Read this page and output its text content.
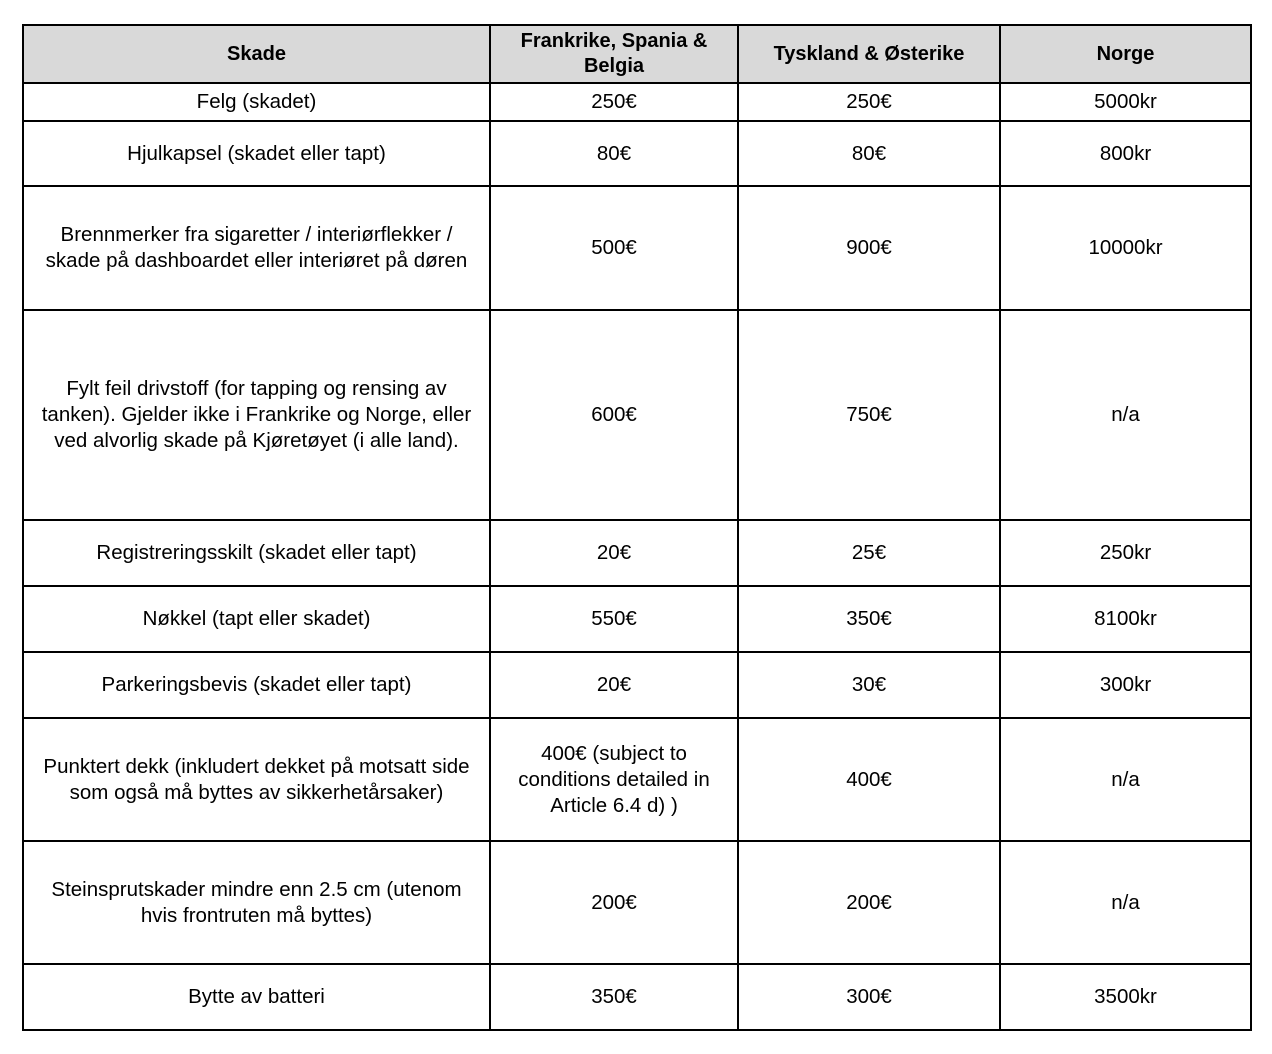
Skade	Frankrike, Spania & Belgia	Tyskland & Østerike	Norge
Felg (skadet)	250€	250€	5000kr
Hjulkapsel (skadet eller tapt)	80€	80€	800kr
Brennmerker fra sigaretter / interiørflekker / skade på dashboardet eller interiøret på døren	500€	900€	10000kr
Fylt feil drivstoff (for tapping og rensing av tanken). Gjelder ikke i Frankrike og Norge, eller ved alvorlig skade på Kjøretøyet (i alle land).	600€	750€	n/a
Registreringsskilt (skadet eller tapt)	20€	25€	250kr
Nøkkel (tapt eller skadet)	550€	350€	8100kr
Parkeringsbevis (skadet eller tapt)	20€	30€	300kr
Punktert dekk (inkludert dekket på motsatt side som også må byttes av sikkerhetårsaker)	400€ (subject to conditions detailed in Article 6.4 d) )	400€	n/a
Steinsprutskader mindre enn 2.5 cm (utenom hvis frontruten må byttes)	200€	200€	n/a
Bytte av batteri	350€	300€	3500kr
